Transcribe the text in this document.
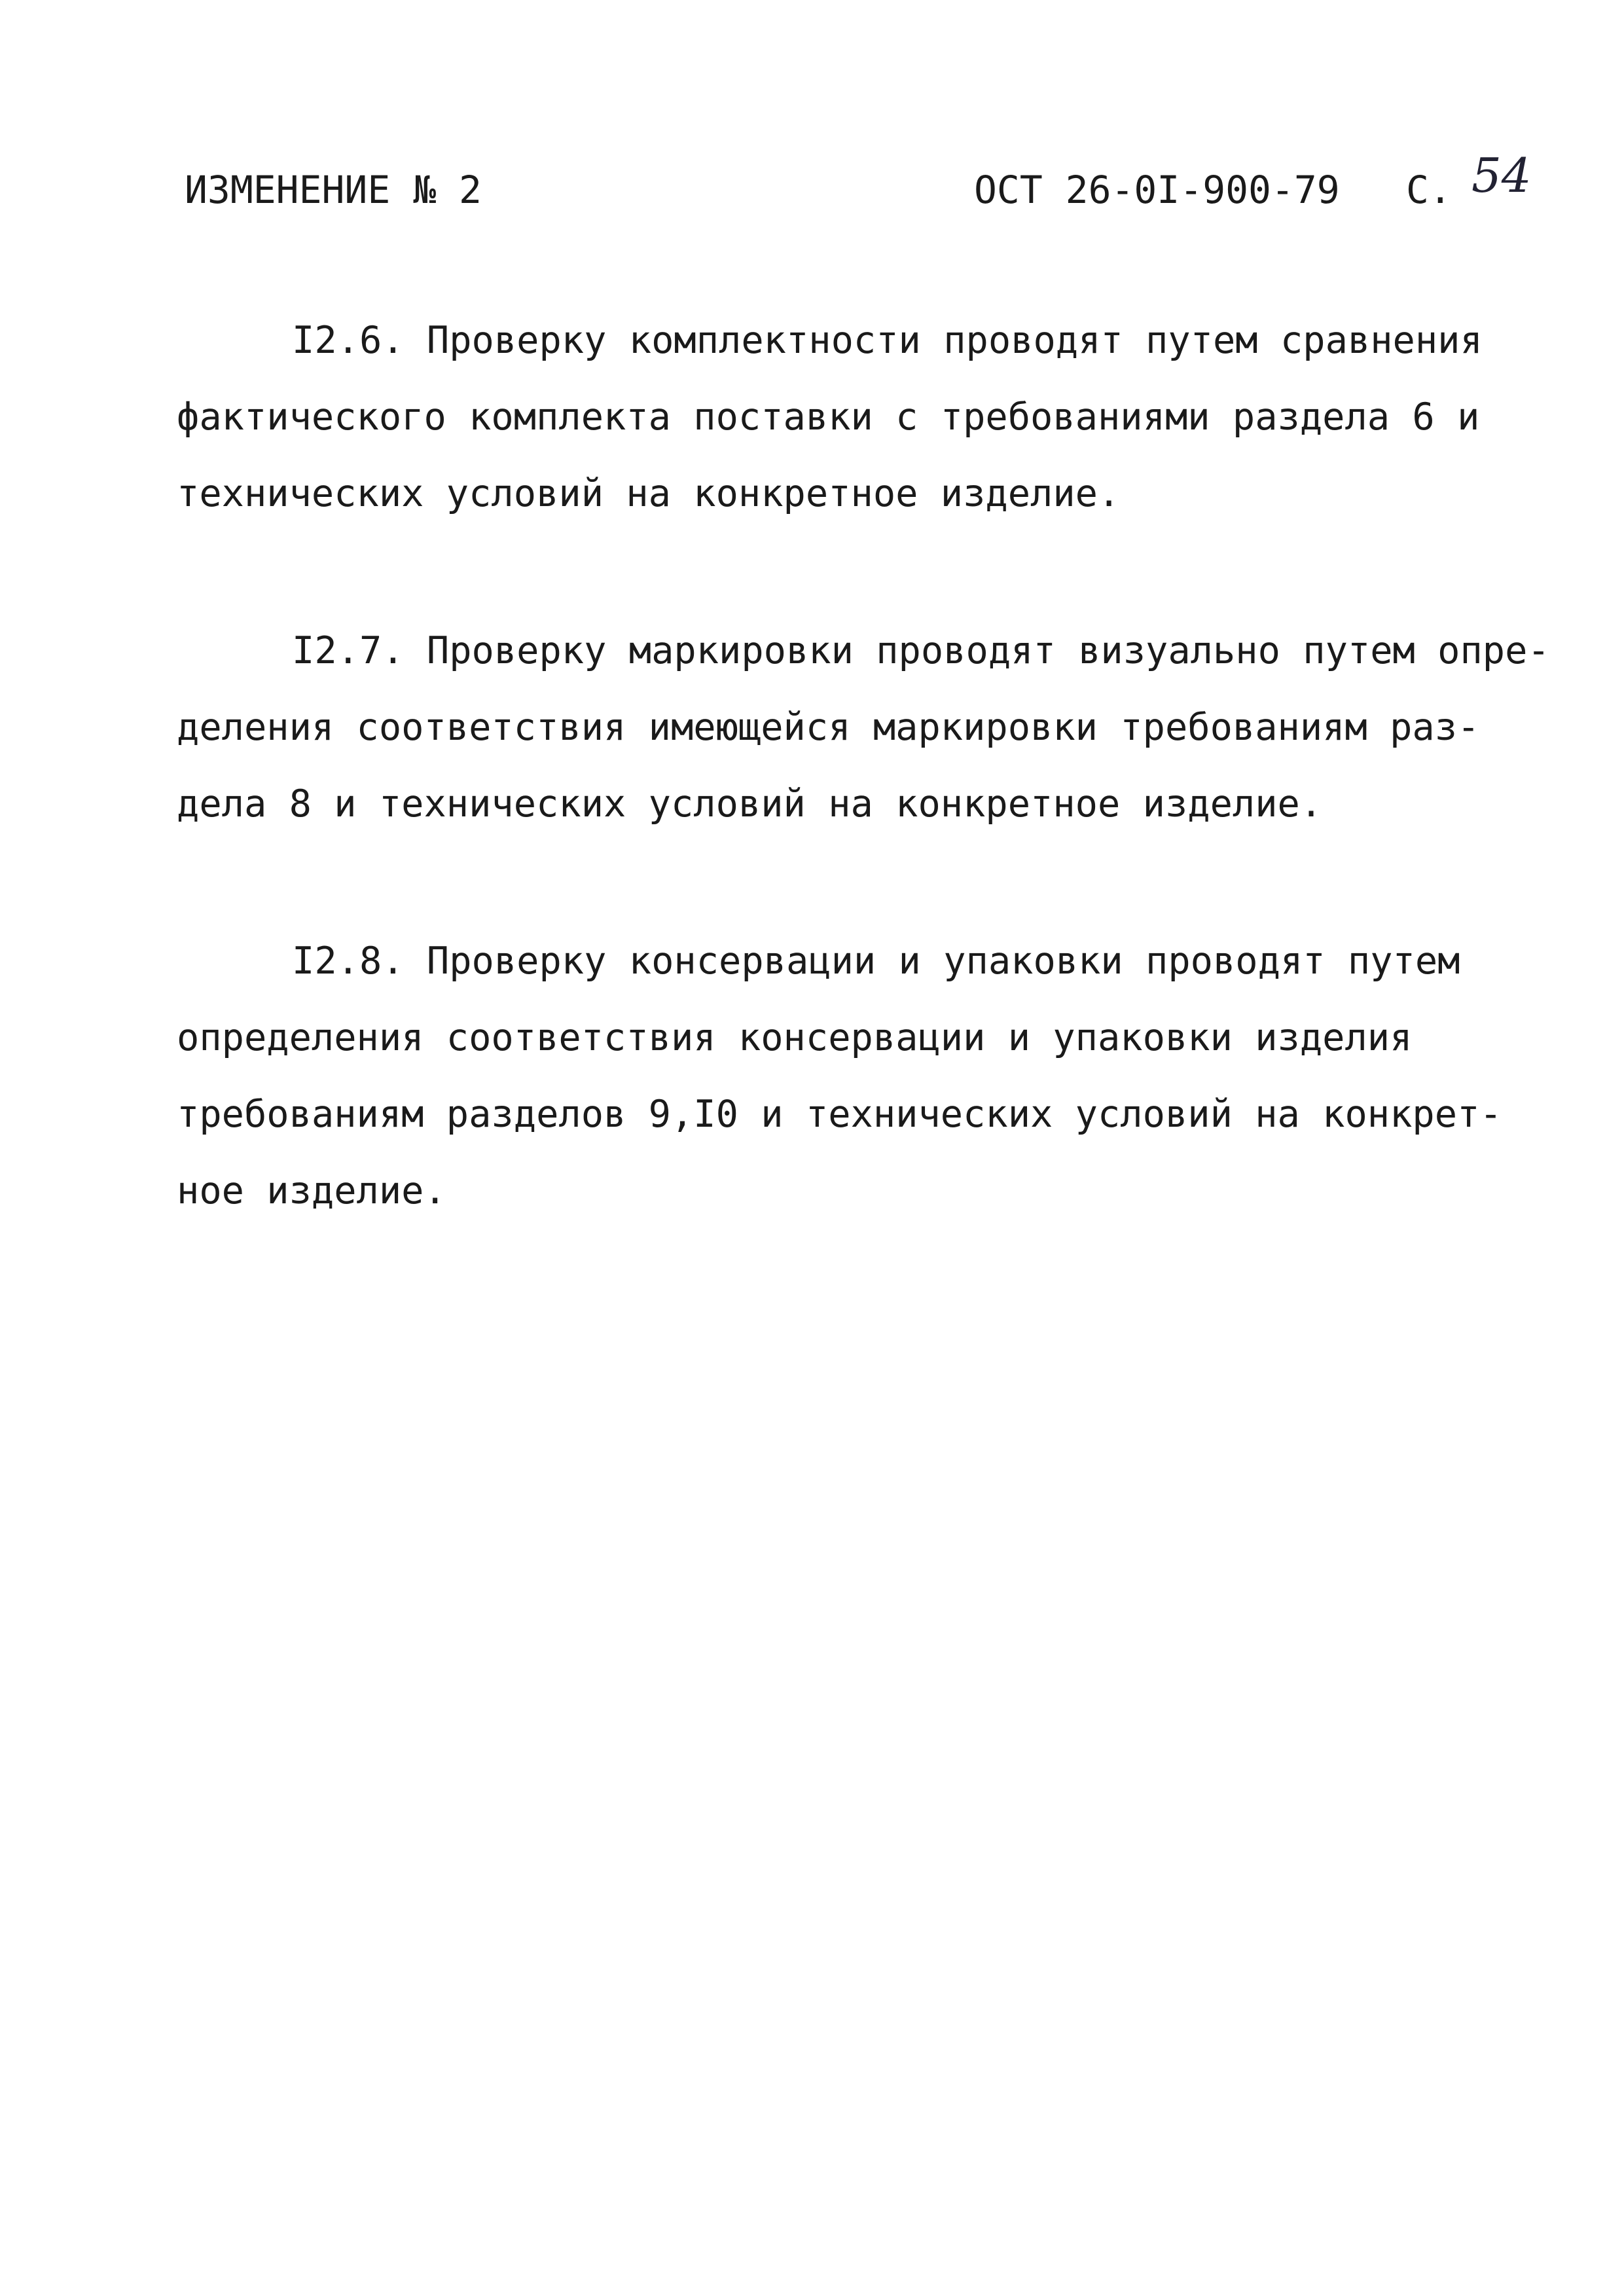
ИЗМЕНЕНИЕ № 2	ОСТ 26-0I-900-79 С. 54
I2.6. Проверку комплектности проводят путем сравнения
фактического комплекта поставки с требованиями раздела 6 и
технических условий на конкретное изделие.
I2.7. Проверку маркировки проводят визуально путем опре-
деления соответствия имеющейся маркировки требованиям раз-
дела 8 и технических условий на конкретное изделие.
I2.8. Проверку консервации и упаковки проводят путем
определения соответствия консервации и упаковки изделия
требованиям разделов 9,I0 и технических условий на конкрет-
ное изделие.
